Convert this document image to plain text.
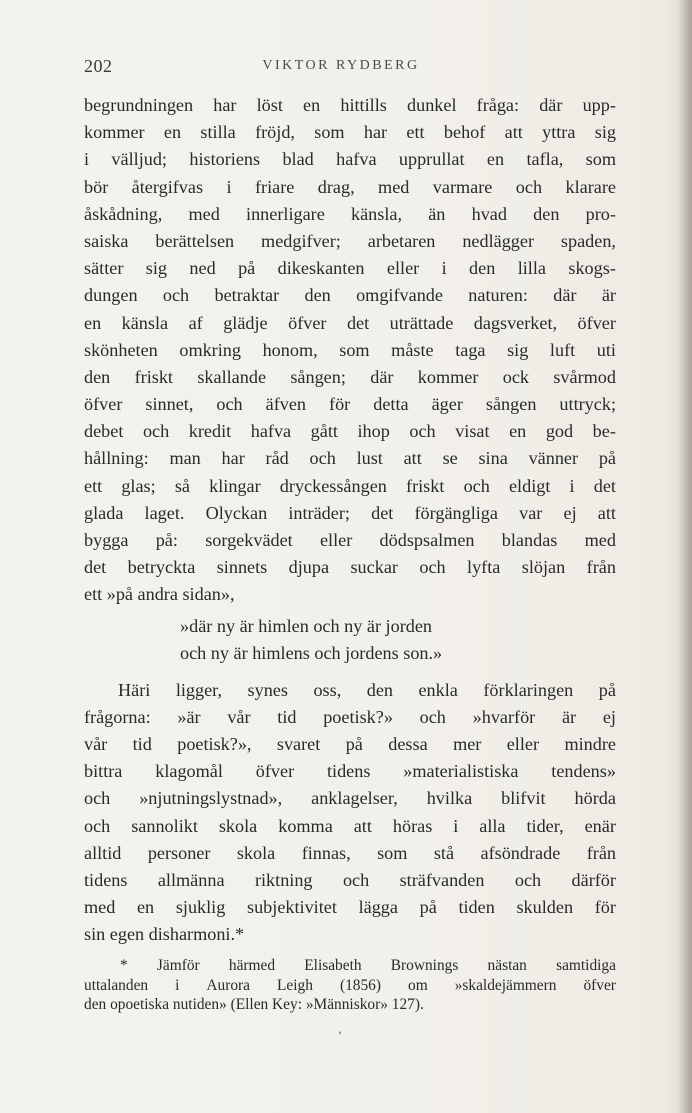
202	VIKTOR RYDBERG
begrundningen har löst en hittills dunkel fråga: där upp-
kommer en stilla fröjd, som har ett behof att yttra sig
i välljud; historiens blad hafva upprullat en tafla, som
bör återgifvas i friare drag, med varmare och klarare
åskådning, med innerligare känsla, än hvad den pro-
saiska berättelsen medgifver; arbetaren nedlägger spaden,
sätter sig ned på dikeskanten eller i den lilla skogs-
dungen och betraktar den omgifvande naturen: där är
en känsla af glädje öfver det uträttade dagsverket, öfver
skönheten omkring honom, som måste taga sig luft uti
den friskt skallande sången; där kommer ock svårmod
öfver sinnet, och äfven för detta äger sången uttryck;
debet och kredit hafva gått ihop och visat en god be-
hållning: man har råd och lust att se sina vänner på
ett glas; så klingar dryckessången friskt och eldigt i det
glada laget. Olyckan inträder; det förgängliga var ej att
bygga på: sorgekvädet eller dödspsalmen blandas med
det betryckta sinnets djupa suckar och lyfta slöjan från
ett »på andra sidan»,
»där ny är himlen och ny är jorden
och ny är himlens och jordens son.»
Häri ligger, synes oss, den enkla förklaringen på
frågorna: »är vår tid poetisk?» och »hvarför är ej
vår tid poetisk?», svaret på dessa mer eller mindre
bittra klagomål öfver tidens »materialistiska tendens»
och »njutningslystnad», anklagelser, hvilka blifvit hörda
och sannolikt skola komma att höras i alla tider, enär
alltid personer skola finnas, som stå afsöndrade från
tidens allmänna riktning och sträfvanden och därför
med en sjuklig subjektivitet lägga på tiden skulden för
sin egen disharmoni.*
* Jämför härmed Elisabeth Brownings nästan samtidiga
uttalanden i Aurora Leigh (1856) om »skaldejämmern öfver
den opoetiska nutiden» (Ellen Key: »Människor» 127).
’
